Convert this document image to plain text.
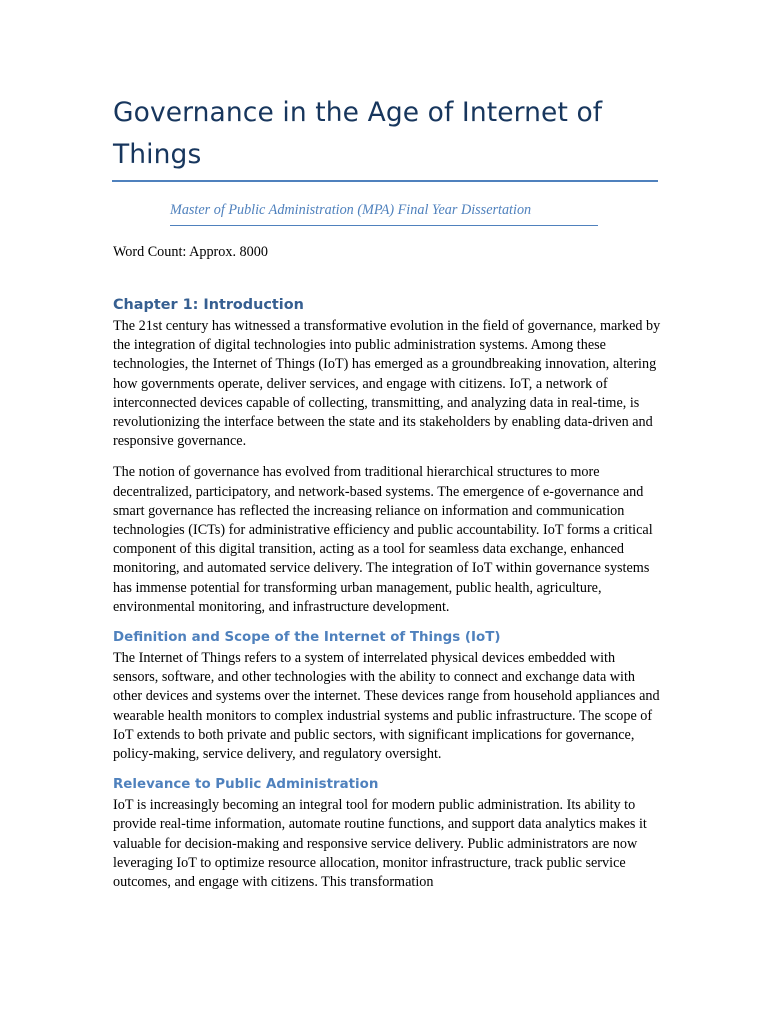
Governance in the Age of Internet of Things
Master of Public Administration (MPA) Final Year Dissertation
Word Count: Approx. 8000
Chapter 1: Introduction

The 21st century has witnessed a transformative evolution in the field of governance, marked by the integration of digital technologies into public administration systems. Among these technologies, the Internet of Things (IoT) has emerged as a groundbreaking innovation, altering how governments operate, deliver services, and engage with citizens. IoT, a network of interconnected devices capable of collecting, transmitting, and analyzing data in real-time, is revolutionizing the interface between the state and its stakeholders by enabling data-driven and responsive governance.

The notion of governance has evolved from traditional hierarchical structures to more decentralized, participatory, and network-based systems. The emergence of e-governance and smart governance has reflected the increasing reliance on information and communication technologies (ICTs) for administrative efficiency and public accountability. IoT forms a critical component of this digital transition, acting as a tool for seamless data exchange, enhanced monitoring, and automated service delivery. The integration of IoT within governance systems has immense potential for transforming urban management, public health, agriculture, environmental monitoring, and infrastructure development.

Definition and Scope of the Internet of Things (IoT)

The Internet of Things refers to a system of interrelated physical devices embedded with sensors, software, and other technologies with the ability to connect and exchange data with other devices and systems over the internet. These devices range from household appliances and wearable health monitors to complex industrial systems and public infrastructure. The scope of IoT extends to both private and public sectors, with significant implications for governance, policy-making, service delivery, and regulatory oversight.

Relevance to Public Administration

IoT is increasingly becoming an integral tool for modern public administration. Its ability to provide real-time information, automate routine functions, and support data analytics makes it valuable for decision-making and responsive service delivery. Public administrators are now leveraging IoT to optimize resource allocation, monitor infrastructure, track public service outcomes, and engage with citizens. This transformation
